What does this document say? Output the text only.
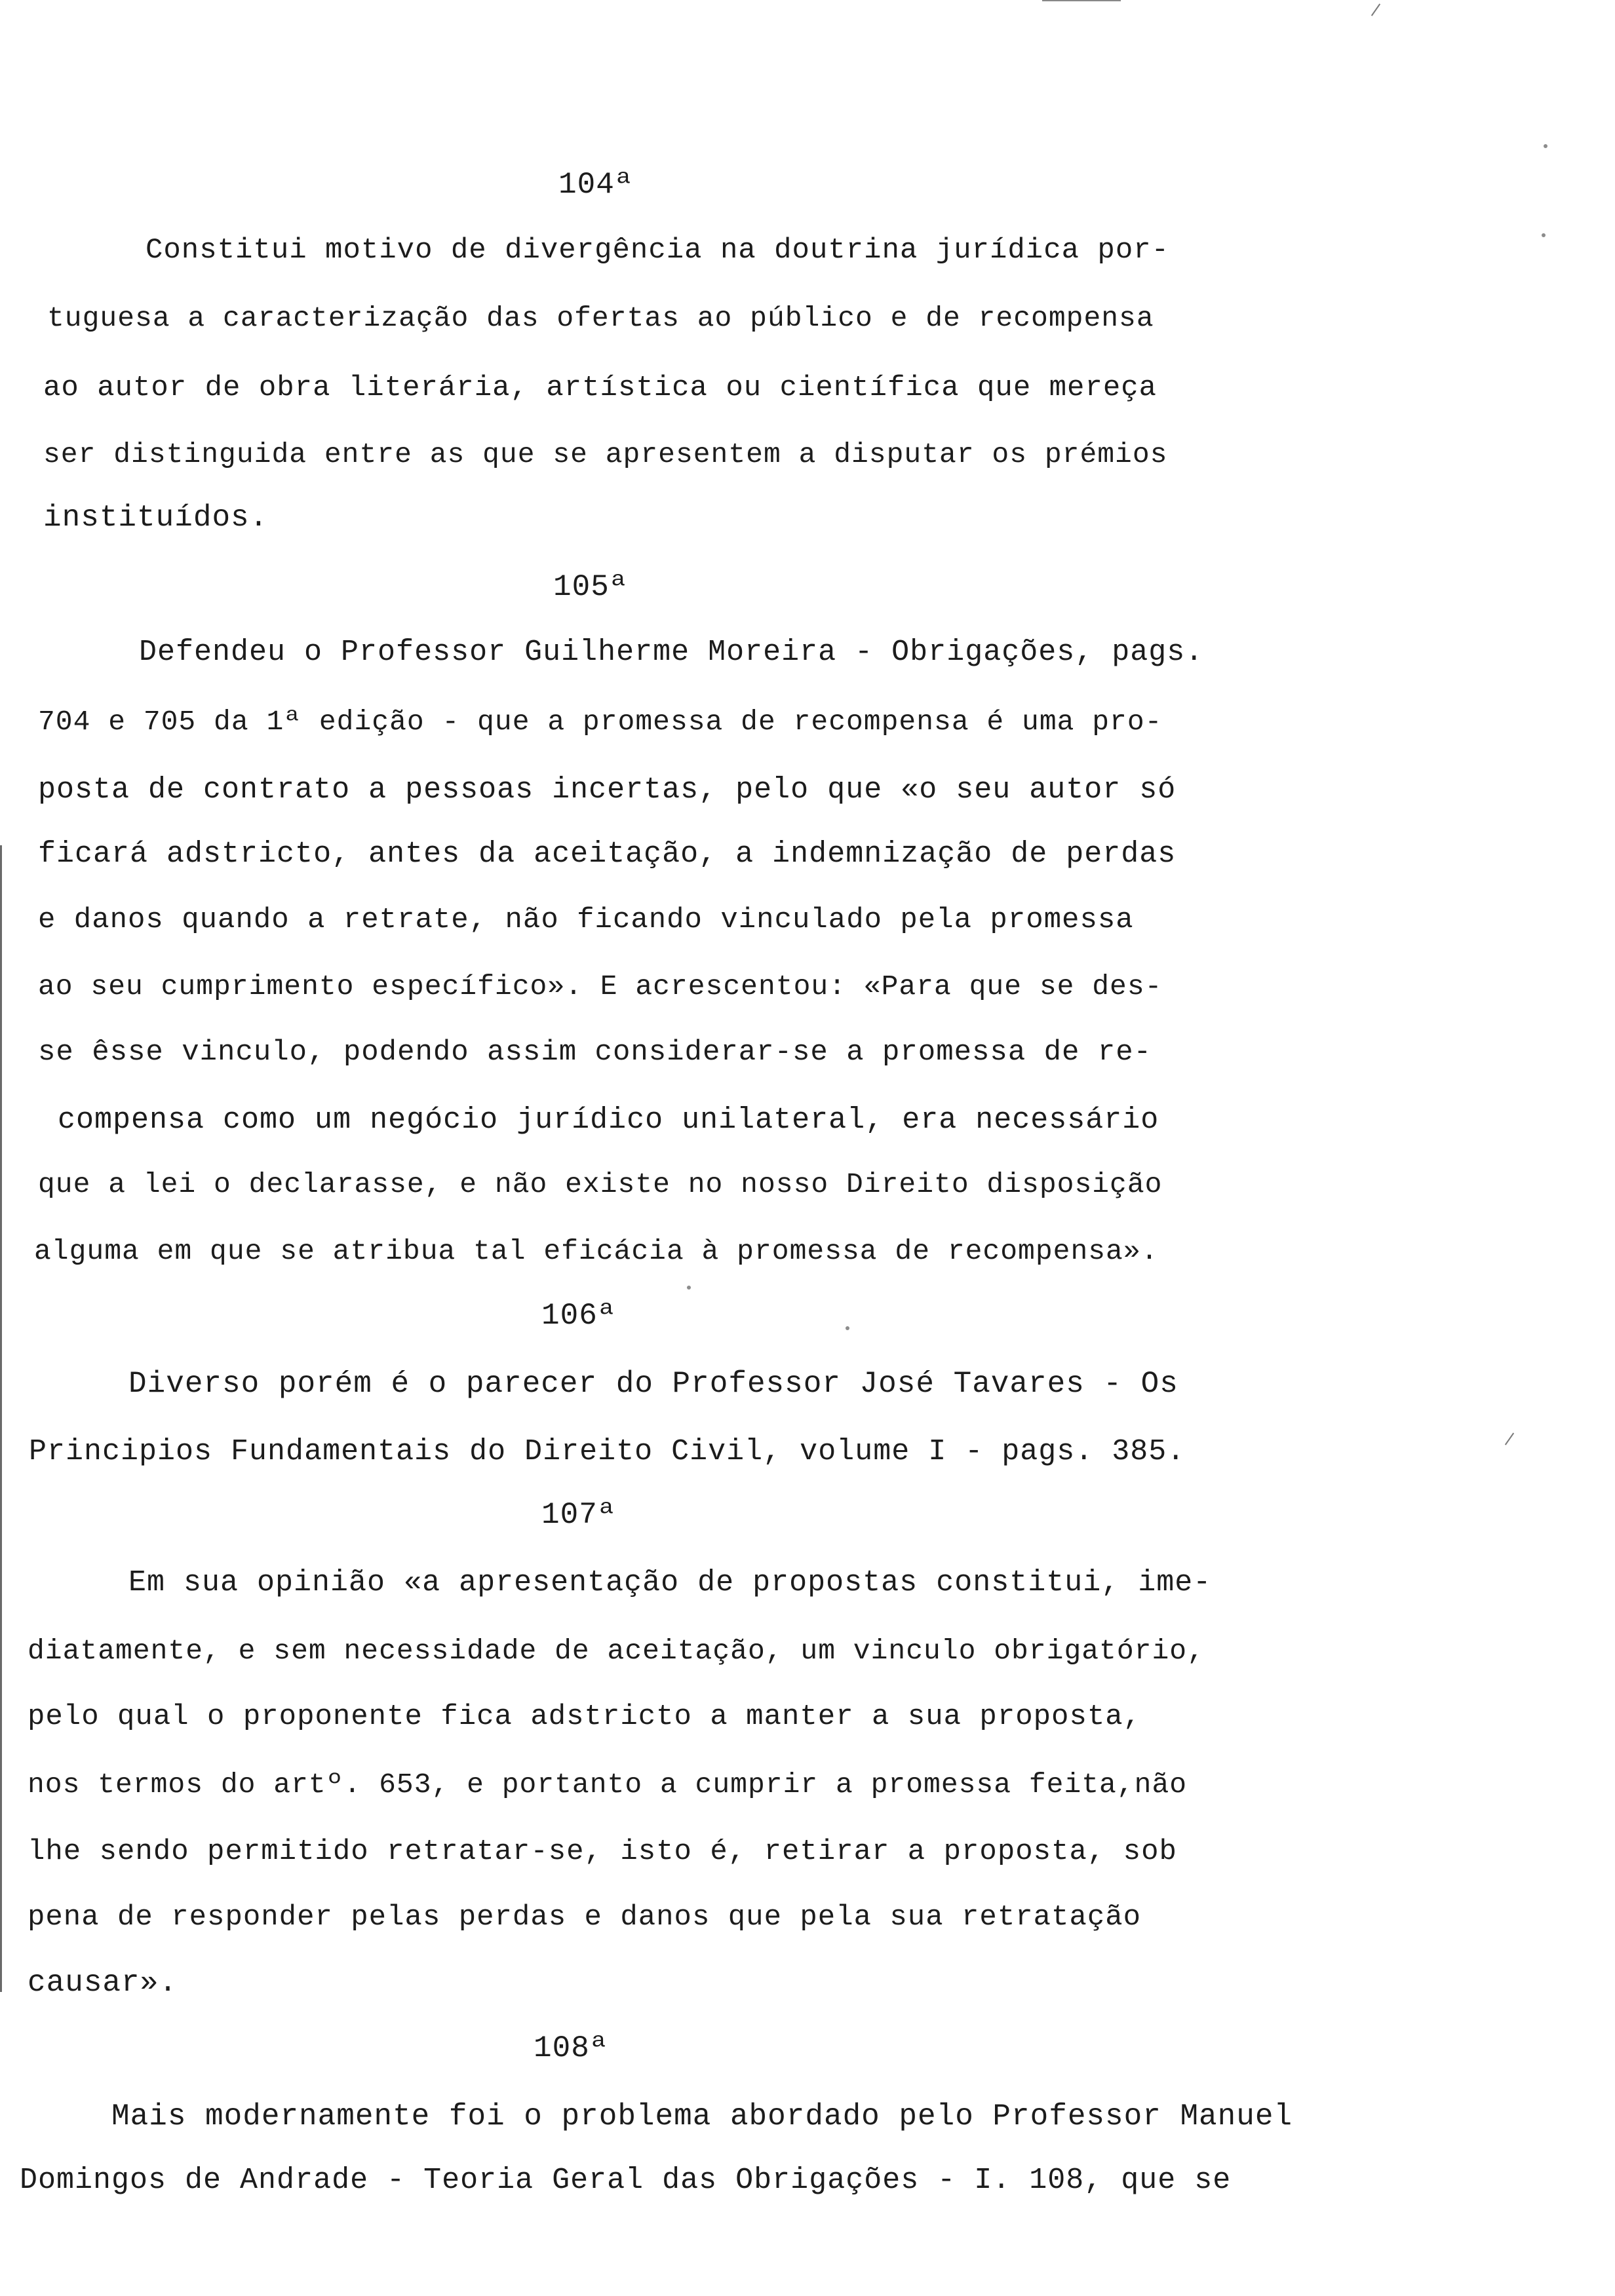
104ª
Constitui motivo de divergência na doutrina jurídica por-
tuguesa a caracterização das ofertas ao público e de recompensa
ao autor de obra literária, artística ou científica que mereça
ser distinguida entre as que se apresentem a disputar os prémios
instituídos.
105ª
Defendeu o Professor Guilherme Moreira - Obrigações, pags.
704 e 705 da 1ª edição - que a promessa de recompensa é uma pro-
posta de contrato a pessoas incertas, pelo que «o seu autor só
ficará adstricto, antes da aceitação, a indemnização de perdas
e danos quando a retrate, não ficando vinculado pela promessa
ao seu cumprimento específico». E acrescentou: «Para que se des-
se êsse vinculo, podendo assim considerar-se a promessa de re-
compensa como um negócio jurídico unilateral, era necessário
que a lei o declarasse, e não existe no nosso Direito disposição
alguma em que se atribua tal eficácia à promessa de recompensa».
106ª
Diverso porém é o parecer do Professor José Tavares - Os
Principios Fundamentais do Direito Civil, volume I - pags. 385.
107ª
Em sua opinião «a apresentação de propostas constitui, ime-
diatamente, e sem necessidade de aceitação, um vinculo obrigatório,
pelo qual o proponente fica adstricto a manter a sua proposta,
nos termos do artº. 653, e portanto a cumprir a promessa feita,não
lhe sendo permitido retratar-se, isto é, retirar a proposta, sob
pena de responder pelas perdas e danos que pela sua retratação
causar».
108ª
Mais modernamente foi o problema abordado pelo Professor Manuel
Domingos de Andrade - Teoria Geral das Obrigações - I. 108, que se
